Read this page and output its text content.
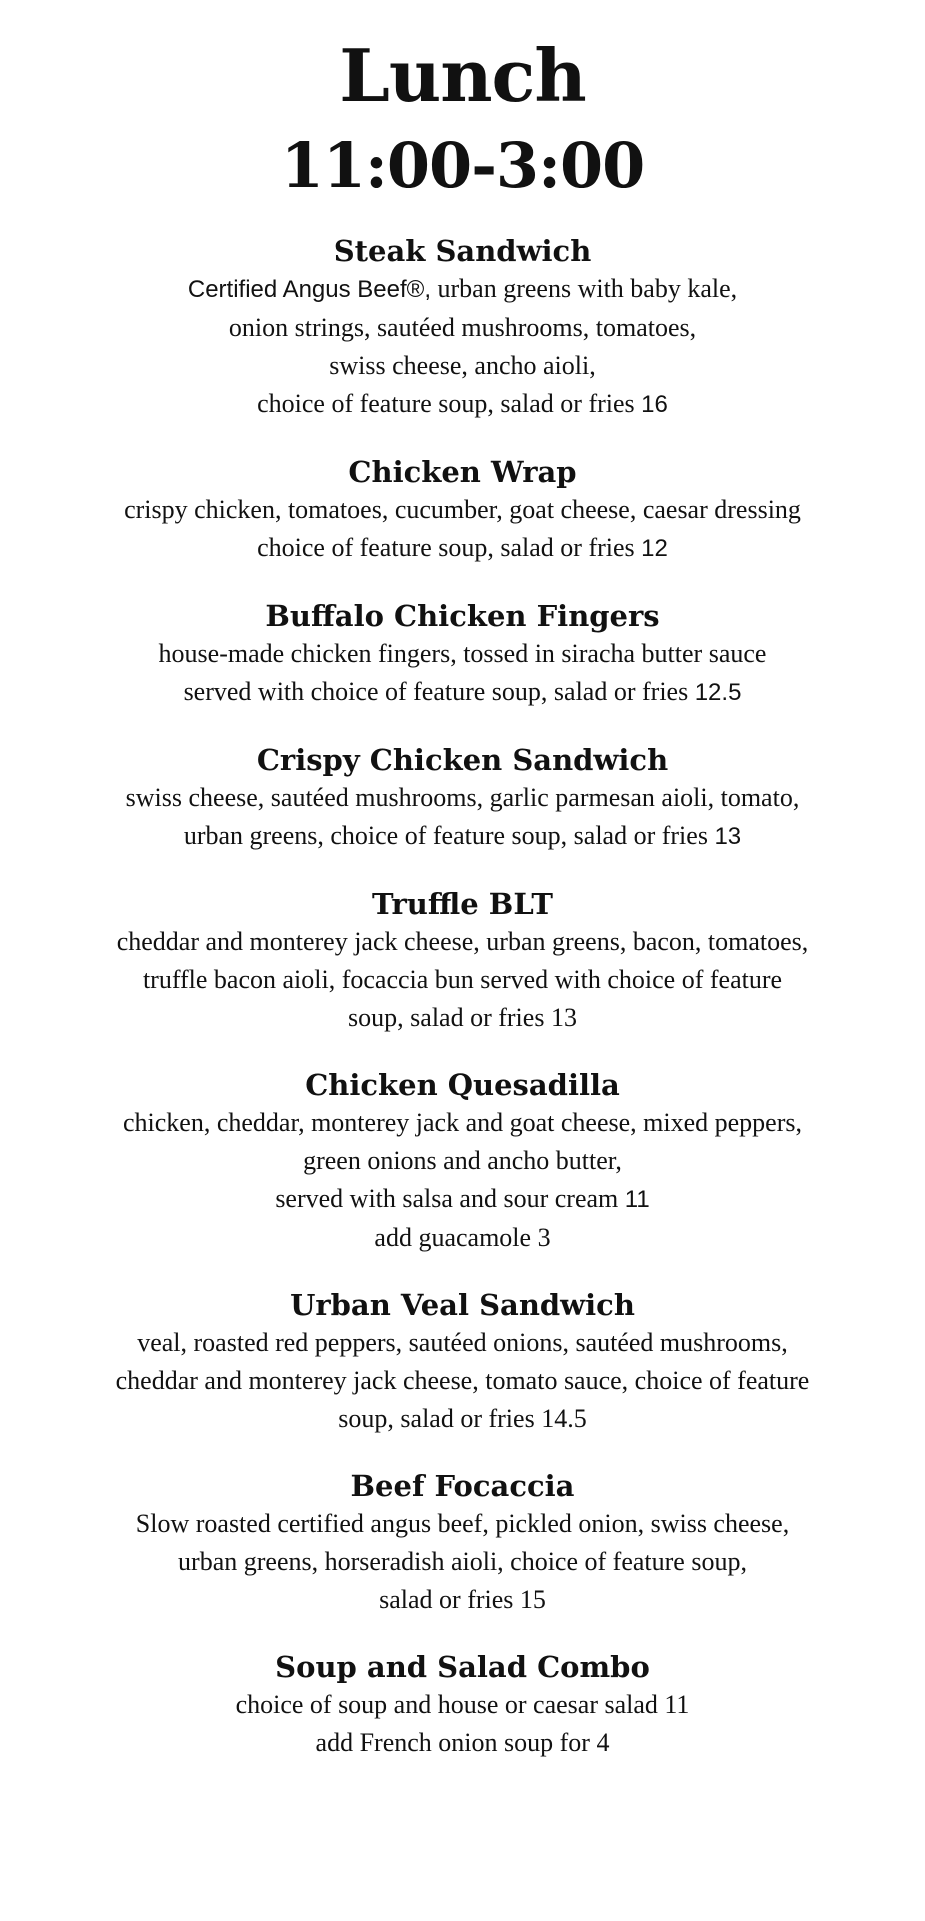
Lunch
11:00-3:00
Steak Sandwich
Certified Angus Beef®, urban greens with baby kale,
onion strings, sautéed mushrooms, tomatoes,
swiss cheese, ancho aioli,
choice of feature soup, salad or fries 16
Chicken Wrap
crispy chicken, tomatoes, cucumber, goat cheese, caesar dressing
choice of feature soup, salad or fries 12
Buffalo Chicken Fingers
house-made chicken fingers, tossed in siracha butter sauce
served with choice of feature soup, salad or fries 12.5
Crispy Chicken Sandwich
swiss cheese, sautéed mushrooms, garlic parmesan aioli, tomato,
urban greens, choice of feature soup, salad or fries 13
Truffle BLT
cheddar and monterey jack cheese, urban greens, bacon, tomatoes,
truffle bacon aioli, focaccia bun served with choice of feature
soup, salad or fries 13
Chicken Quesadilla
chicken, cheddar, monterey jack and goat cheese, mixed peppers,
green onions and ancho butter,
served with salsa and sour cream 11
add guacamole 3
Urban Veal Sandwich
veal, roasted red peppers, sautéed onions, sautéed mushrooms,
cheddar and monterey jack cheese, tomato sauce, choice of feature
soup, salad or fries 14.5
Beef Focaccia
Slow roasted certified angus beef, pickled onion, swiss cheese,
urban greens, horseradish aioli, choice of feature soup,
salad or fries 15
Soup and Salad Combo
choice of soup and house or caesar salad 11
add French onion soup for 4
